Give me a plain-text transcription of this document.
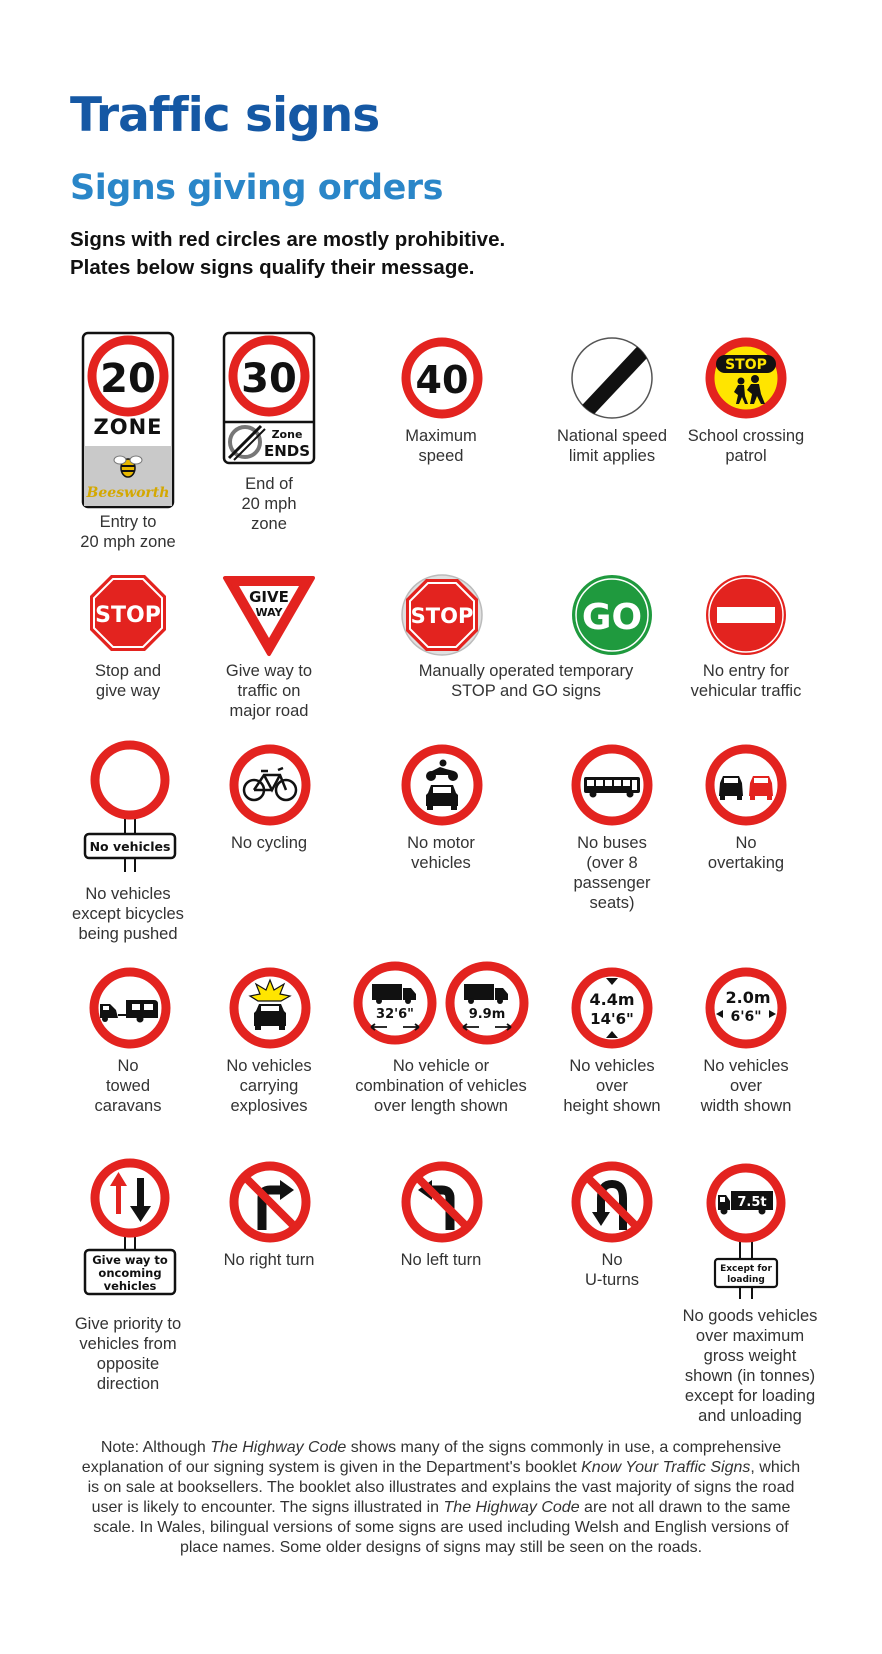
Traffic signs
Signs giving orders

Signs with red circles are mostly prohibitive.
Plates below signs qualify their message.

20
ZONE
Beesworth
Entry to
20 mph zone
30
Zone
ENDS
End of
20 mph
zone
40
Maximum
speed
National speed
limit applies
STOP
School crossing
patrol
STOP
Stop and
give way
GIVE
WAY
Give way to
traffic on
major road
STOP	GO
Manually operated temporary
STOP and GO signs
No entry for
vehicular traffic
No vehicles
No vehicles
except bicycles
being pushed
No cycling	No motor
vehicles
No buses
(over 8
passenger
seats)
No
overtaking
No
towed
caravans
No vehicles
carrying
explosives
32'6"	9.9m
No vehicle or
combination of vehicles
over length shown
4.4m
14'6"
No vehicles
over
height shown
2.0m
6'6"
No vehicles
over
width shown
Give way to
oncoming
vehicles
Give priority to
vehicles from
opposite
direction
No right turn	No left turn	No
U-turns
7.5t
Except for
loading
No goods vehicles
over maximum
gross weight
shown (in tonnes)
except for loading
and unloading

Note: Although The Highway Code shows many of the signs commonly in use, a comprehensive explanation of our signing system is given in the Department's booklet Know Your Traffic Signs, which is on sale at booksellers. The booklet also illustrates and explains the vast majority of signs the road user is likely to encounter. The signs illustrated in The Highway Code are not all drawn to the same scale. In Wales, bilingual versions of some signs are used including Welsh and English versions of place names. Some older designs of signs may still be seen on the roads.
